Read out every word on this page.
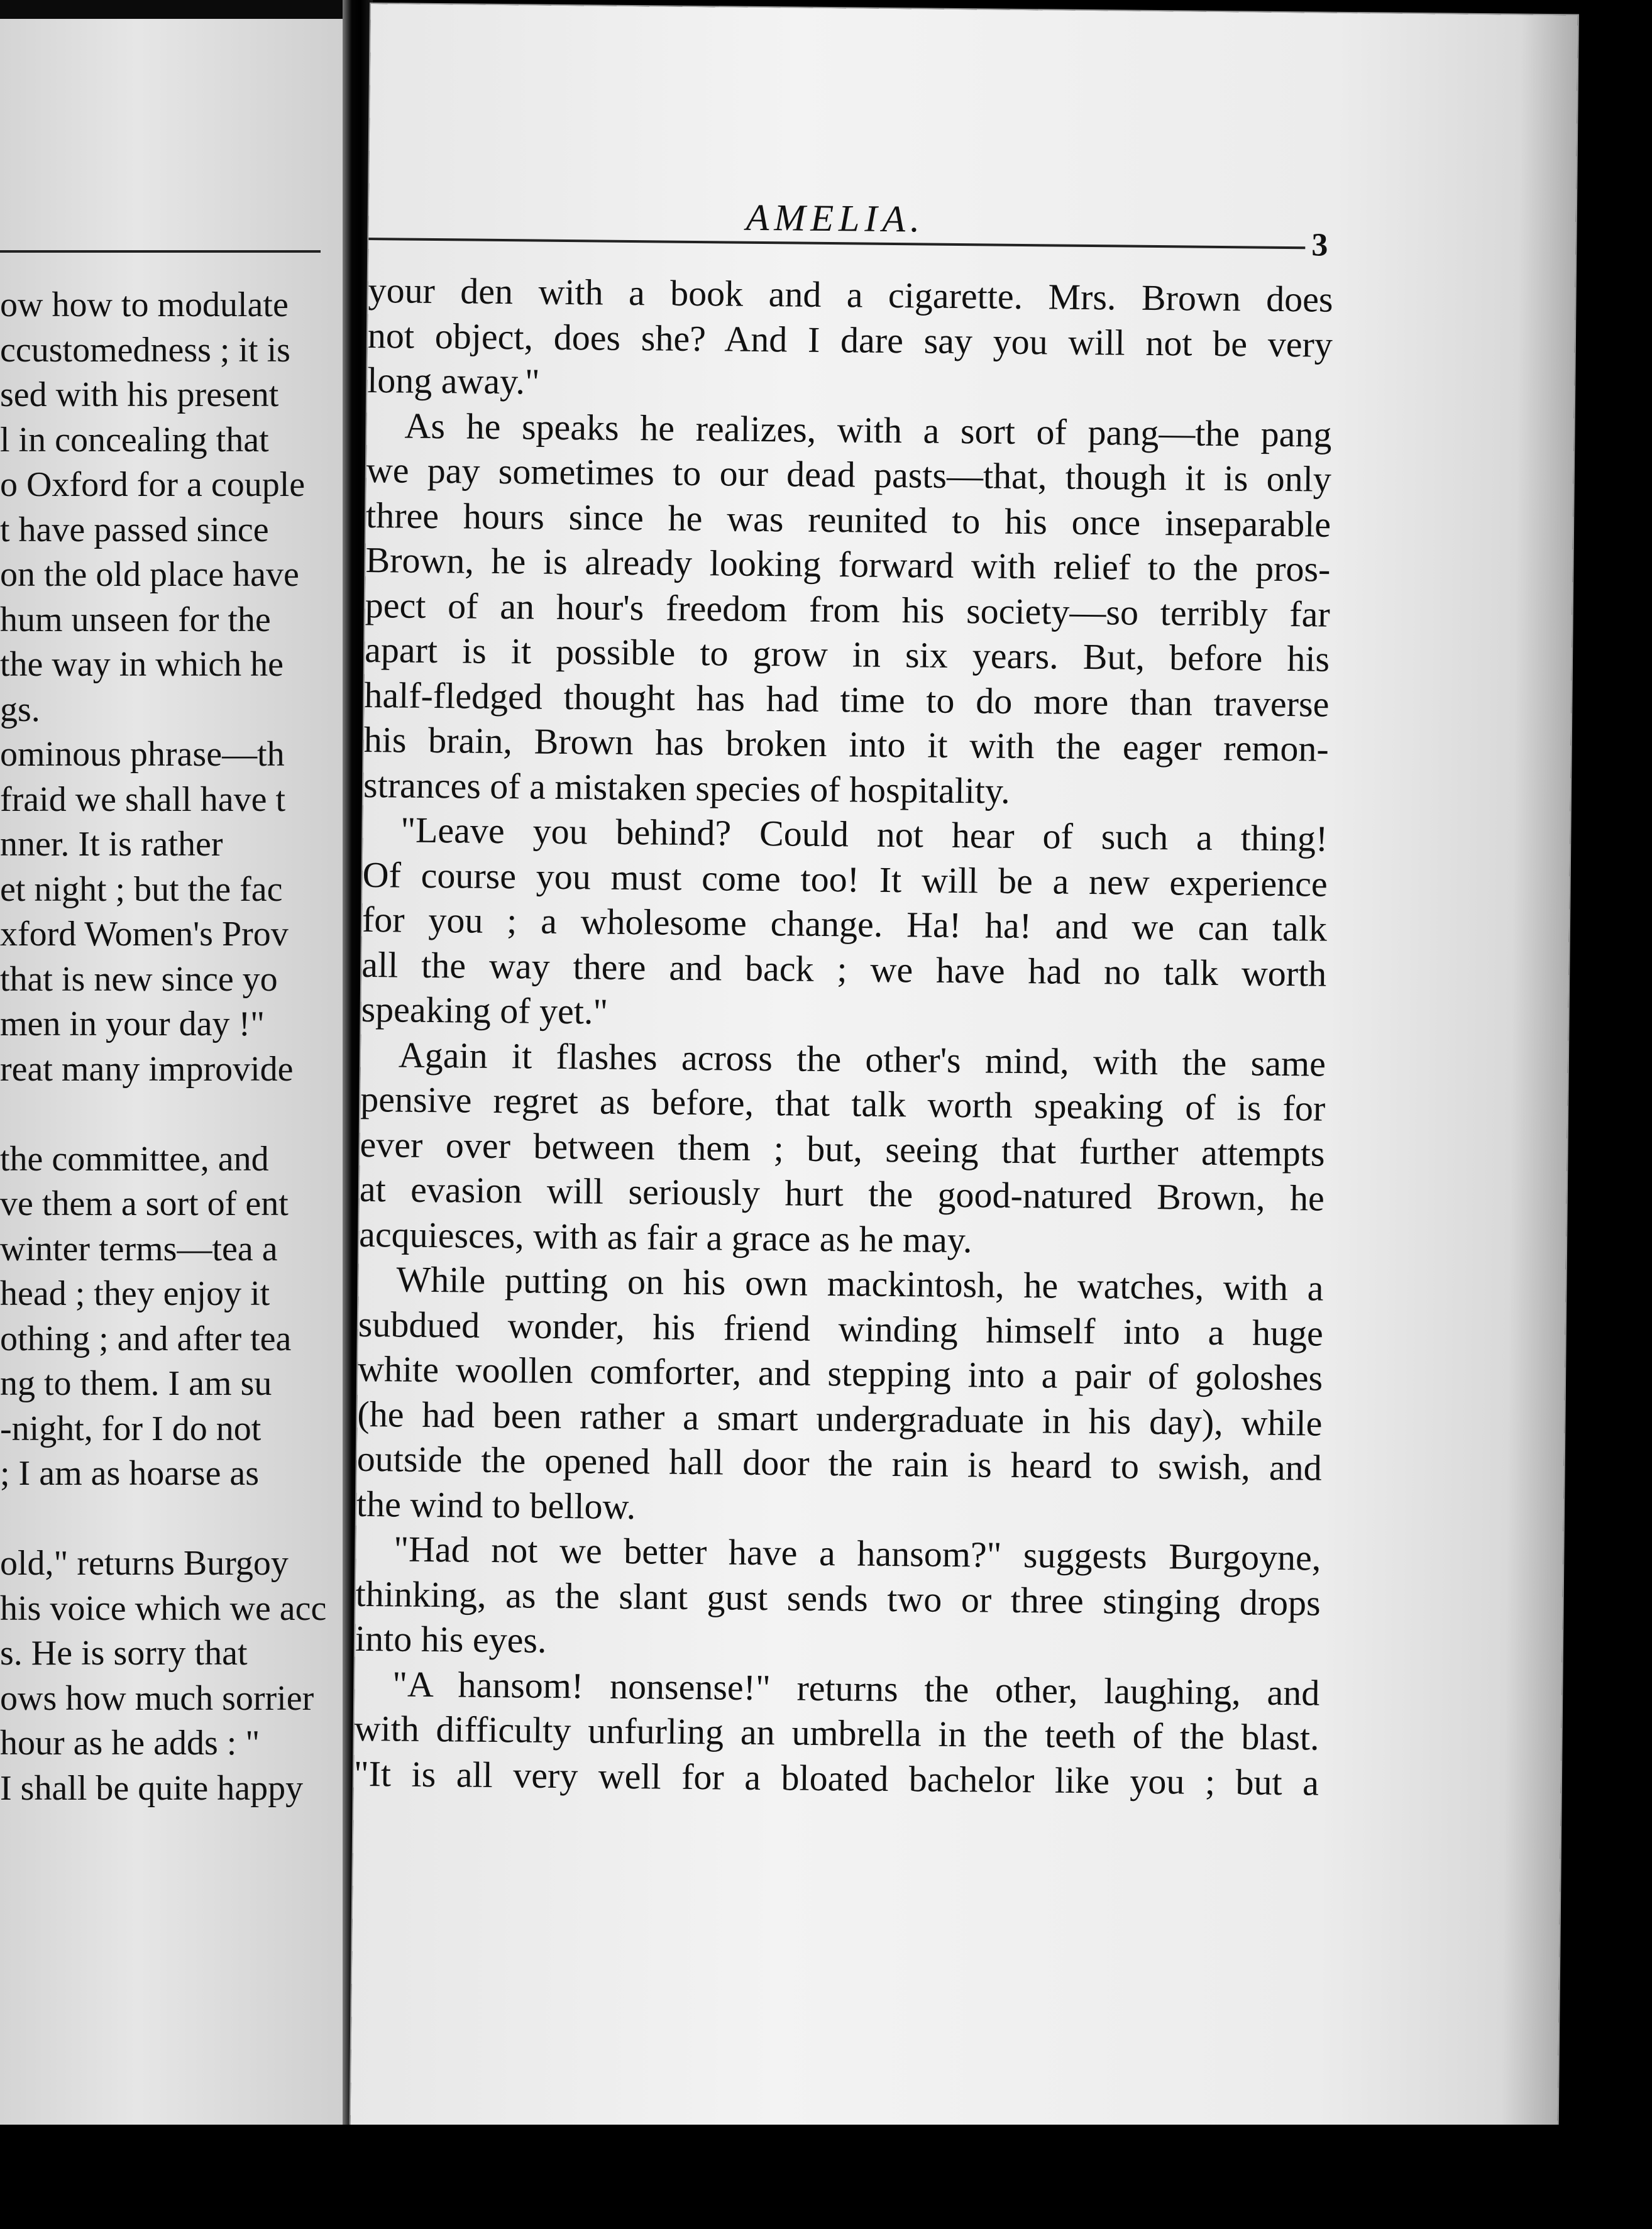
ow how to modulate
ccustomedness ; it is
sed with his present
l in concealing that
o Oxford for a couple
t have passed since
on the old place have
hum unseen for the
the way in which he
gs.
ominous phrase—th
fraid we shall have t
nner. It is rather
et night ; but the fac
xford Women's Prov
that is new since yo
men in your day !"
reat many improvide
the committee, and
ve them a sort of ent
winter terms—tea a
head ; they enjoy it
othing ; and after tea
ng to them. I am su
-night, for I do not
; I am as hoarse as
old," returns Burgoy
his voice which we acc
s. He is sorry that
ows how much sorrier
hour as he adds : "
I shall be quite happy
AMELIA.
3
your den with a book and a cigarette. Mrs. Brown does
not object, does she? And I dare say you will not be very
long away."
As he speaks he realizes, with a sort of pang—the pang
we pay sometimes to our dead pasts—that, though it is only
three hours since he was reunited to his once inseparable
Brown, he is already looking forward with relief to the pros-
pect of an hour's freedom from his society—so terribly far
apart is it possible to grow in six years. But, before his
half-fledged thought has had time to do more than traverse
his brain, Brown has broken into it with the eager remon-
strances of a mistaken species of hospitality.
"Leave you behind? Could not hear of such a thing!
Of course you must come too! It will be a new experience
for you ; a wholesome change. Ha! ha! and we can talk
all the way there and back ; we have had no talk worth
speaking of yet."
Again it flashes across the other's mind, with the same
pensive regret as before, that talk worth speaking of is for
ever over between them ; but, seeing that further attempts
at evasion will seriously hurt the good-natured Brown, he
acquiesces, with as fair a grace as he may.
While putting on his own mackintosh, he watches, with a
subdued wonder, his friend winding himself into a huge
white woollen comforter, and stepping into a pair of goloshes
(he had been rather a smart undergraduate in his day), while
outside the opened hall door the rain is heard to swish, and
the wind to bellow.
"Had not we better have a hansom?" suggests Burgoyne,
thinking, as the slant gust sends two or three stinging drops
into his eyes.
"A hansom! nonsense!" returns the other, laughing, and
with difficulty unfurling an umbrella in the teeth of the blast.
"It is all very well for a bloated bachelor like you ; but a
